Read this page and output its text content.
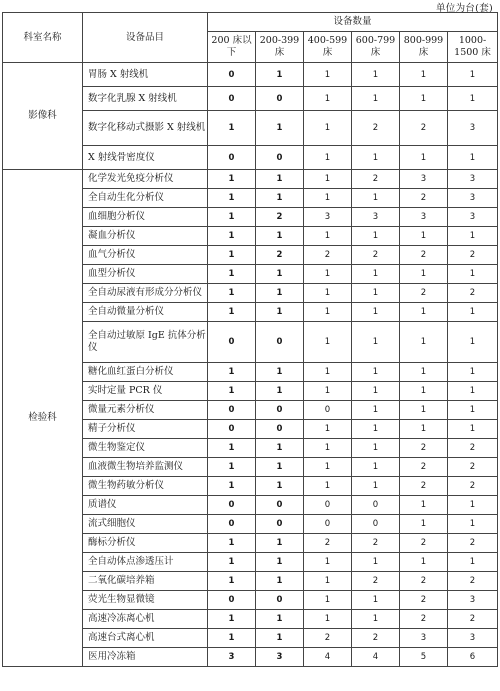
单位为台(套)
科室名称	设备品目	设备数量					
		200 床以下	200-399 床	400-599 床	600-799 床	800-999 床	1000-1500 床
影像科	胃肠 X 射线机	0	1	1	1	1	1
	数字化乳腺 X 射线机	0	0	1	1	1	1
	数字化移动式摄影 X 射线机	1	1	1	2	2	3
	X 射线骨密度仪	0	0	1	1	1	1
检验科	化学发光免疫分析仪	1	1	1	2	3	3
	全自动生化分析仪	1	1	1	1	2	3
	血细胞分析仪	1	2	3	3	3	3
	凝血分析仪	1	1	1	1	1	1
	血气分析仪	1	2	2	2	2	2
	血型分析仪	1	1	1	1	1	1
	全自动尿液有形成分分析仪	1	1	1	1	2	2
	全自动微量分析仪	1	1	1	1	1	1
	全自动过敏原 IgE 抗体分析仪	0	0	1	1	1	1
	糖化血红蛋白分析仪	1	1	1	1	1	1
	实时定量 PCR 仪	1	1	1	1	1	1
	微量元素分析仪	0	0	0	1	1	1
	精子分析仪	0	0	1	1	1	1
	微生物鉴定仪	1	1	1	1	2	2
	血液微生物培养监测仪	1	1	1	1	2	2
	微生物药敏分析仪	1	1	1	1	2	2
	质谱仪	0	0	0	0	1	1
	流式细胞仪	0	0	0	0	1	1
	酶标分析仪	1	1	2	2	2	2
	全自动体点渗透压计	1	1	1	1	1	1
	二氧化碳培养箱	1	1	1	2	2	2
	荧光生物显微镜	0	0	1	1	2	3
	高速冷冻离心机	1	1	1	1	2	2
	高速台式离心机	1	1	2	2	3	3
	医用冷冻箱	3	3	4	4	5	6
